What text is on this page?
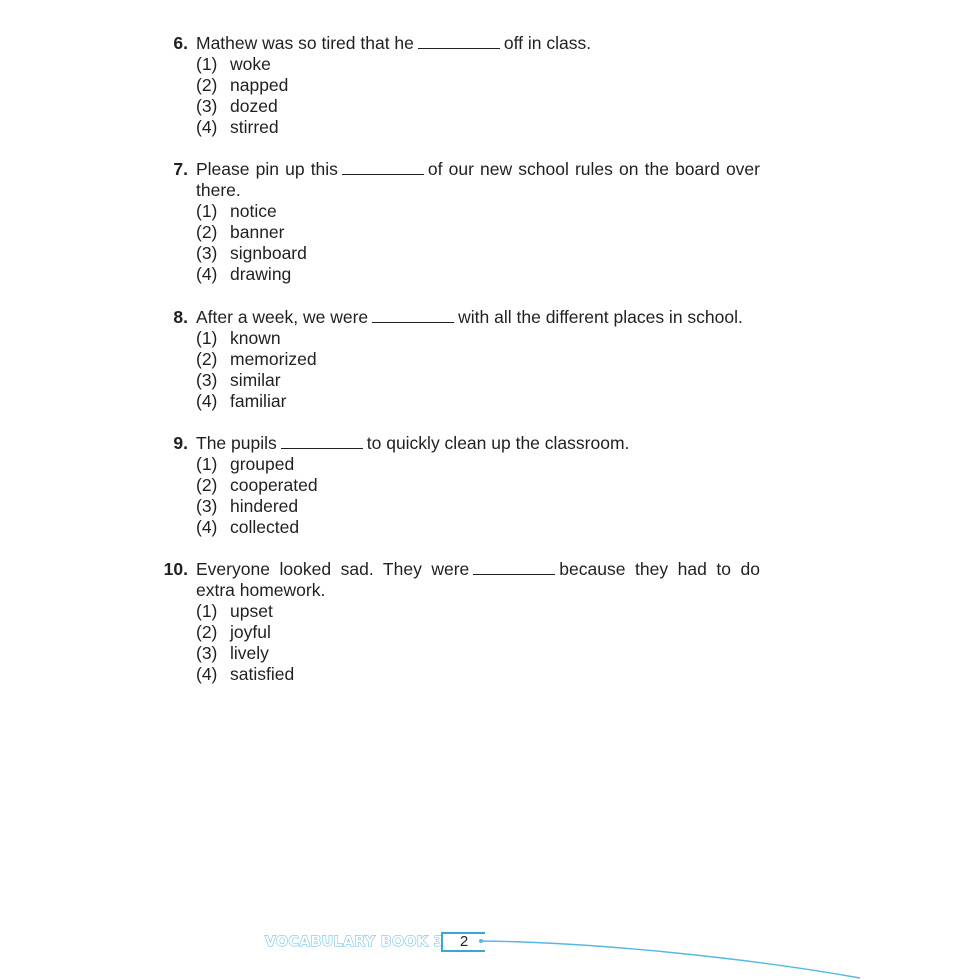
6. Mathew was so tired that he	off in class.
(1) woke
(2) napped
(3) dozed
(4) stirred
7. Please pin up this	of our new school rules on the board over there.
(1) notice
(2) banner
(3) signboard
(4) drawing
8. After a week, we were	with all the different places in school.
(1) known
(2) memorized
(3) similar
(4) familiar
9. The pupils	to quickly clean up the classroom.
(1) grouped
(2) cooperated
(3) hindered
(4) collected
10. Everyone looked sad. They were	because they had to do extra homework.
(1) upset
(2) joyful
(3) lively
(4) satisfied
VOCABULARY BOOK 3	2
